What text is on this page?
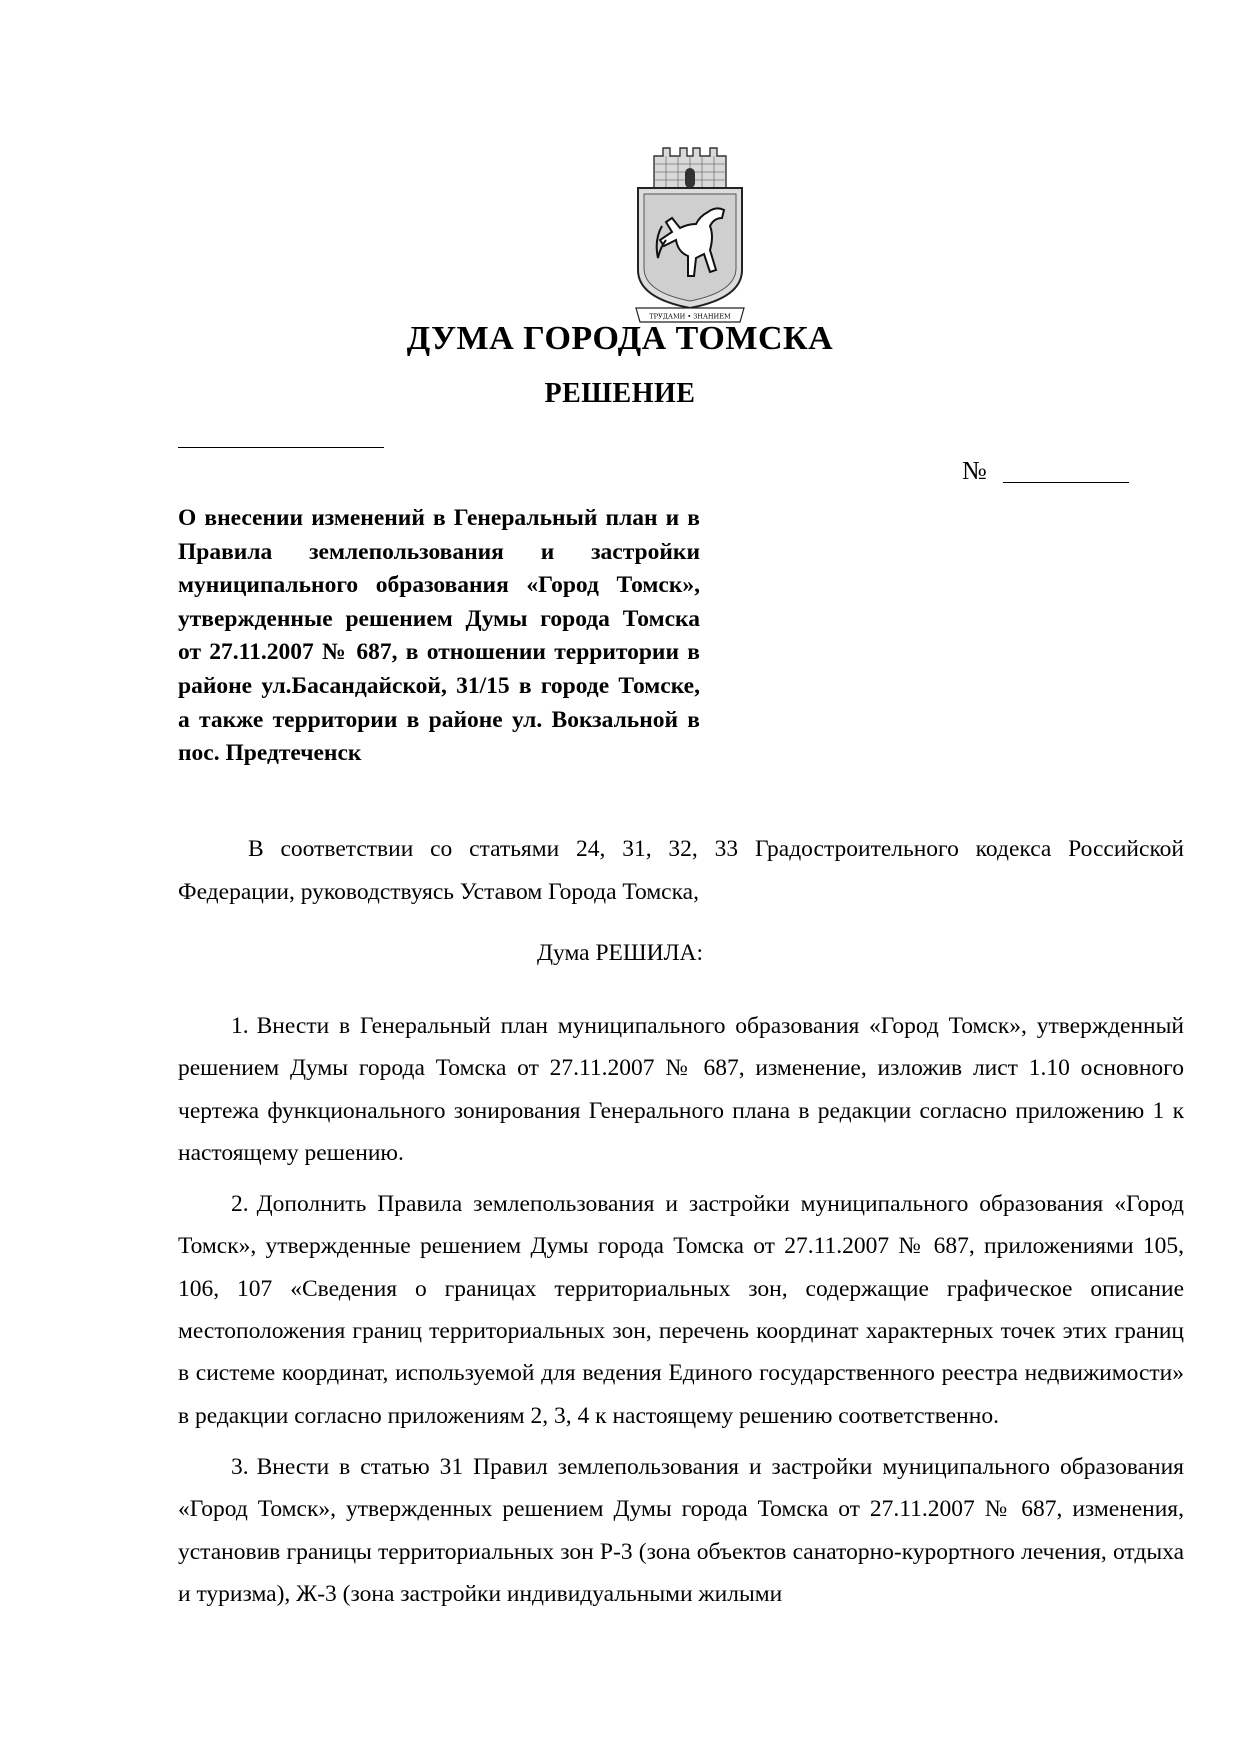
ТРУДАМИ • ЗНАНИЕМ
ДУМА ГОРОДА ТОМСКА
РЕШЕНИЕ
№
О внесении изменений в Генеральный план и в Правила землепользования и застройки муниципального образования «Город Томск», утвержденные решением Думы города Томска от 27.11.2007 № 687, в отношении территории в районе ул.Басандайской, 31/15 в городе Томске, а также территории в районе ул. Вокзальной в пос. Предтеченск
В соответствии со статьями 24, 31, 32, 33 Градостроительного кодекса Российской Федерации, руководствуясь Уставом Города Томска,
Дума РЕШИЛА:

1. Внести в Генеральный план муниципального образования «Город Томск», утвержденный решением Думы города Томска от 27.11.2007 № 687, изменение, изложив лист 1.10 основного чертежа функционального зонирования Генерального плана в редакции согласно приложению 1 к настоящему решению.

2. Дополнить Правила землепользования и застройки муниципального образования «Город Томск», утвержденные решением Думы города Томска от 27.11.2007 № 687, приложениями 105, 106, 107 «Сведения о границах территориальных зон, содержащие графическое описание местоположения границ территориальных зон, перечень координат характерных точек этих границ в системе координат, используемой для ведения Единого государственного реестра недвижимости» в редакции согласно приложениям 2, 3, 4 к настоящему решению соответственно.

3. Внести в статью 31 Правил землепользования и застройки муниципального образования «Город Томск», утвержденных решением Думы города Томска от 27.11.2007 № 687, изменения, установив границы территориальных зон Р-3 (зона объектов санаторно-курортного лечения, отдыха и туризма), Ж-3 (зона застройки индивидуальными жилыми
